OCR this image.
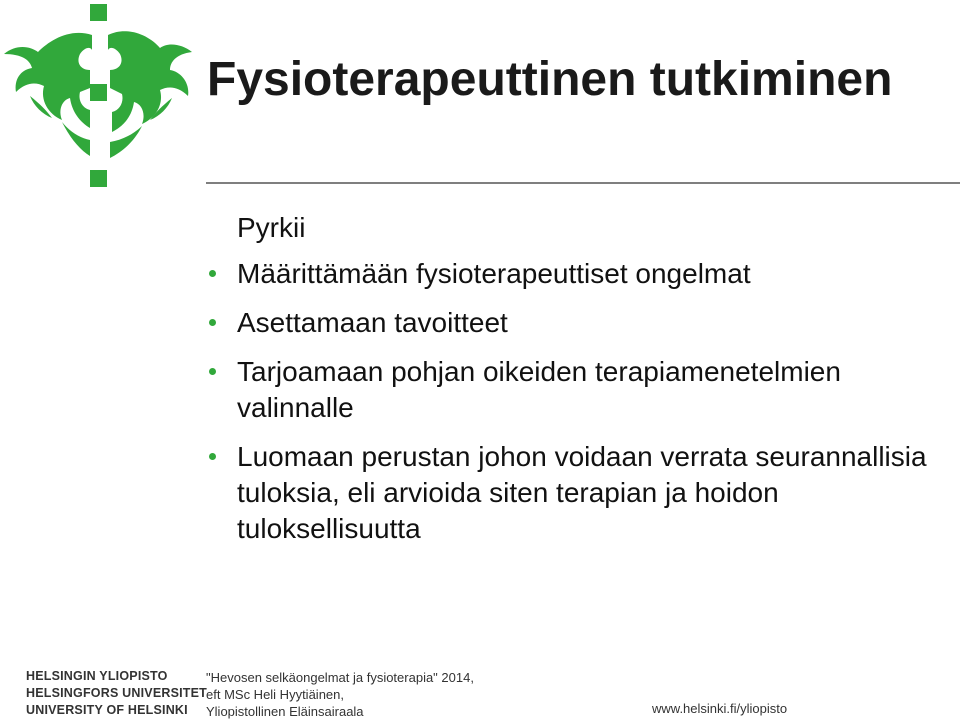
Fysioterapeuttinen tutkiminen
Pyrkii
Määrittämään fysioterapeuttiset ongelmat
Asettamaan tavoitteet
Tarjoamaan pohjan oikeiden terapiamenetelmien valinnalle
Luomaan perustan johon voidaan verrata seurannallisia tuloksia, eli arvioida siten terapian ja hoidon tuloksellisuutta
HELSINGIN YLIOPISTO
HELSINGFORS UNIVERSITET
UNIVERSITY OF HELSINKI
"Hevosen selkäongelmat ja fysioterapia" 2014,
eft MSc Heli Hyytiäinen,
Yliopistollinen Eläinsairaala	www.helsinki.fi/yliopisto
